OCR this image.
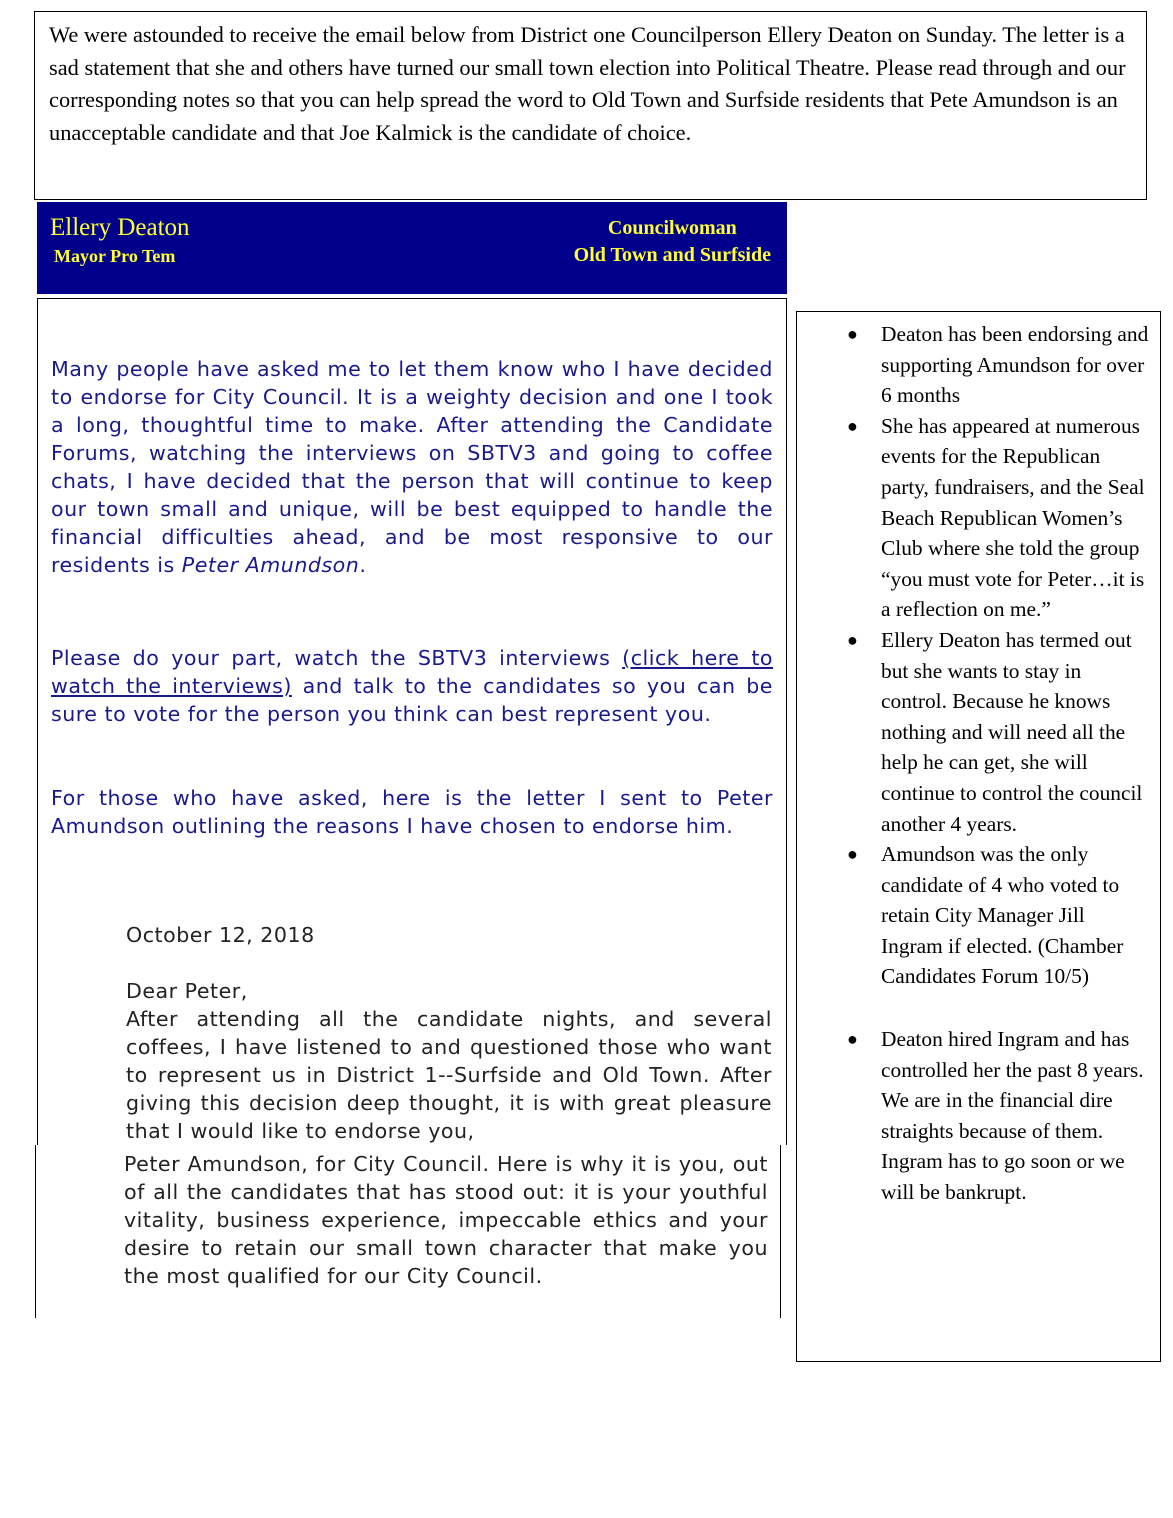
We were astounded to receive the email below from District one Councilperson Ellery Deaton on Sunday. The letter is a sad statement that she and others have turned our small town election into Political Theatre. Please read through and our corresponding notes so that you can help spread the word to Old Town and Surfside residents that Pete Amundson is an unacceptable candidate and that Joe Kalmick is the candidate of choice.
Ellery Deaton
Mayor Pro Tem
Councilwoman
Old Town and Surfside

Many people have asked me to let them know who I have decided to endorse for City Council. It is a weighty decision and one I took a long, thoughtful time to make. After attending the Candidate Forums, watching the interviews on SBTV3 and going to coffee chats, I have decided that the person that will continue to keep our town small and unique, will be best equipped to handle the financial difficulties ahead, and be most responsive to our residents is Peter Amundson.

Please do your part, watch the SBTV3 interviews (click here to watch the interviews) and talk to the candidates so you can be sure to vote for the person you think can best represent you.

For those who have asked, here is the letter I sent to Peter Amundson outlining the reasons I have chosen to endorse him.

October 12, 2018

Dear Peter,

After attending all the candidate nights, and several coffees, I have listened to and questioned those who want to represent us in District 1--Surfside and Old Town. After giving this decision deep thought, it is with great pleasure that I would like to endorse you,

Peter Amundson, for City Council. Here is why it is you, out of all the candidates that has stood out: it is your youthful vitality, business experience, impeccable ethics and your desire to retain our small town character that make you the most qualified for our City Council.

● Deaton has been endorsing and supporting Amundson for over 6 months
● She has appeared at numerous events for the Republican party, fundraisers, and the Seal Beach Republican Women’s Club where she told the group “you must vote for Peter…it is a reflection on me.”
● Ellery Deaton has termed out but she wants to stay in control. Because he knows nothing and will need all the help he can get, she will continue to control the council another 4 years.
● Amundson was the only candidate of 4 who voted to retain City Manager Jill Ingram if elected. (Chamber Candidates Forum 10/5)
● Deaton hired Ingram and has controlled her the past 8 years. We are in the financial dire straights because of them. Ingram has to go soon or we will be bankrupt.
